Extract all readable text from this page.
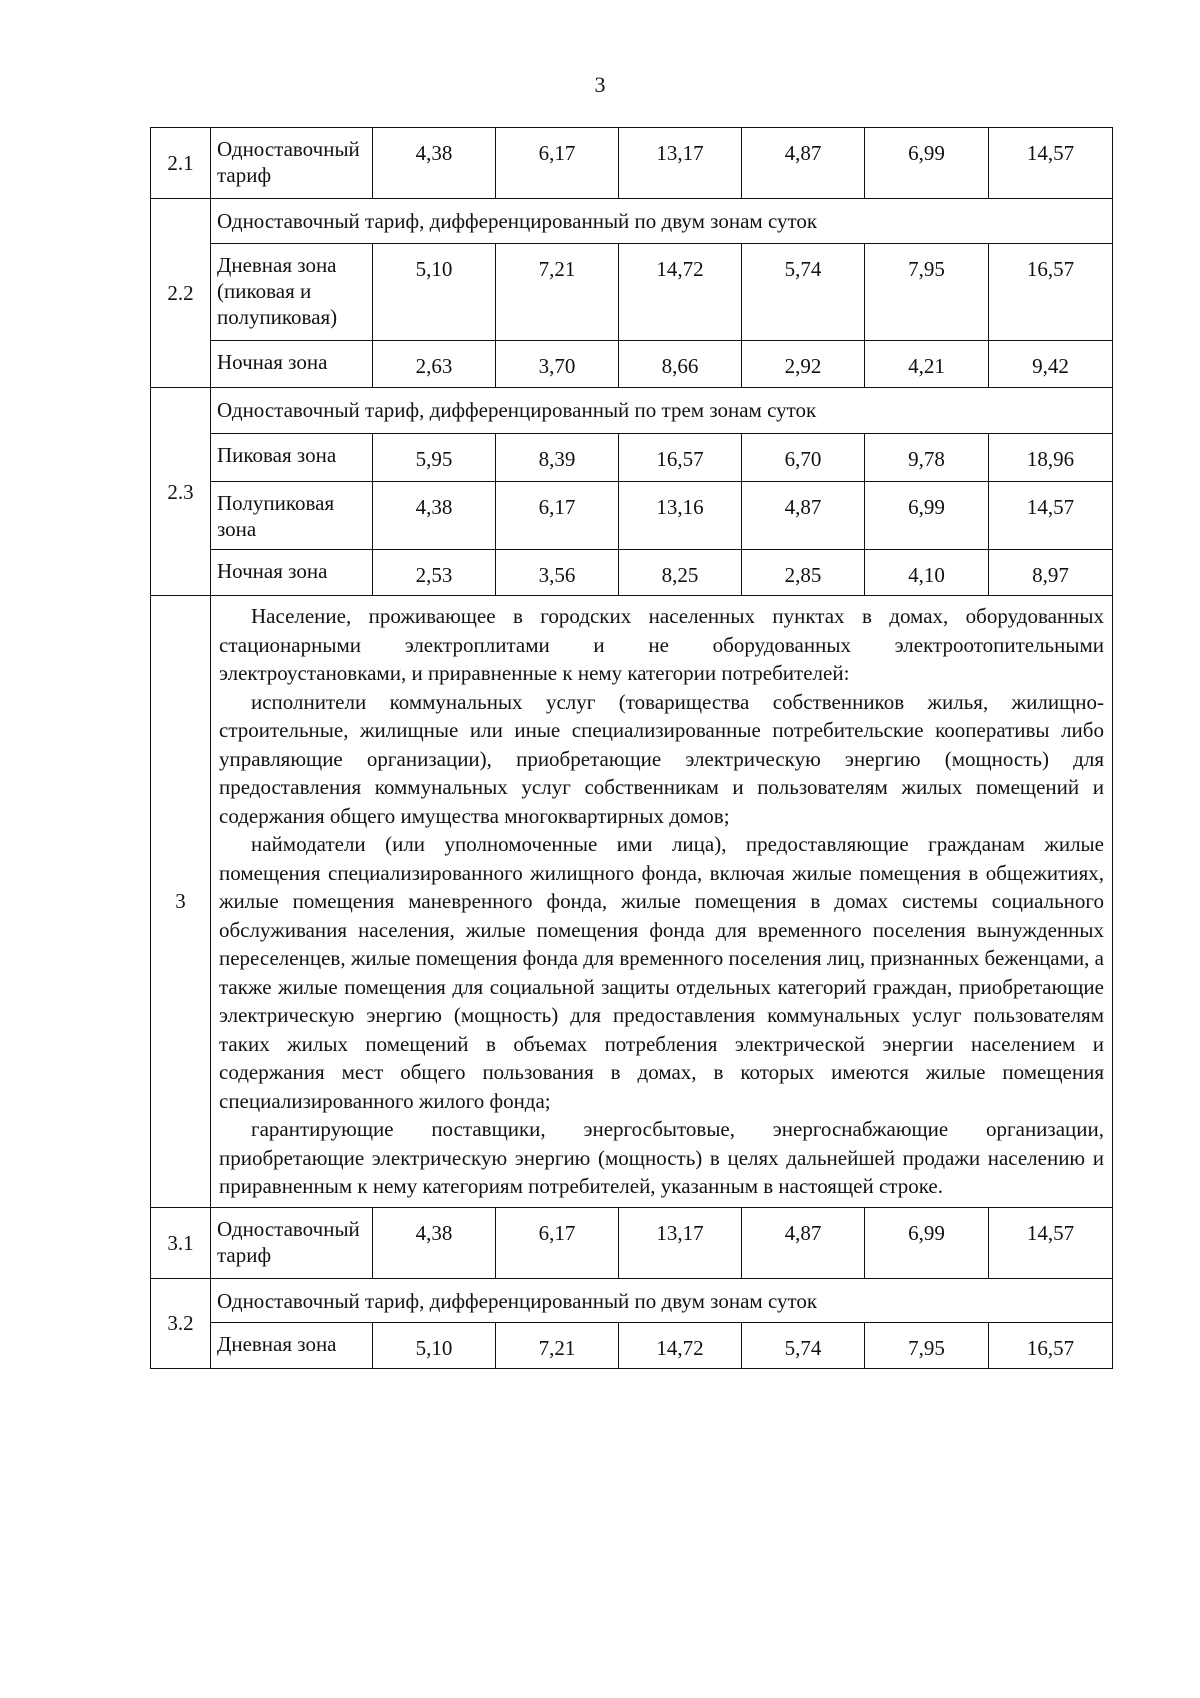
3
2.1	Одноставочный тариф	4,38	6,17	13,17	4,87	6,99	14,57
2.2	Одноставочный тариф, дифференцированный по двум зонам суток						
	Дневная зона (пиковая и полупиковая)	5,10	7,21	14,72	5,74	7,95	16,57
	Ночная зона	2,63	3,70	8,66	2,92	4,21	9,42
2.3	Одноставочный тариф, дифференцированный по трем зонам суток						
	Пиковая зона	5,95	8,39	16,57	6,70	9,78	18,96
	Полупиковая зона	4,38	6,17	13,16	4,87	6,99	14,57
	Ночная зона	2,53	3,56	8,25	2,85	4,10	8,97
3	Население, проживающее в городских населенных пунктах в домах, оборудованных стационарными электроплитами и не оборудованных электроотопительными электроустановками, и приравненные к нему категории потребителей:

исполнители коммунальных услуг (товарищества собственников жилья, жилищно-строительные, жилищные или иные специализированные потребительские кооперативы либо управляющие организации), приобретающие электрическую энергию (мощность) для предоставления коммунальных услуг собственникам и пользователям жилых помещений и содержания общего имущества многоквартирных домов;

наймодатели (или уполномоченные ими лица), предоставляющие гражданам жилые помещения специализированного жилищного фонда, включая жилые помещения в общежитиях, жилые помещения маневренного фонда, жилые помещения в домах системы социального обслуживания населения, жилые помещения фонда для временного поселения вынужденных переселенцев, жилые помещения фонда для временного поселения лиц, признанных беженцами, а также жилые помещения для социальной защиты отдельных категорий граждан, приобретающие электрическую энергию (мощность) для предоставления коммунальных услуг пользователям таких жилых помещений в объемах потребления электрической энергии населением и содержания мест общего пользования в домах, в которых имеются жилые помещения специализированного жилого фонда;

гарантирующие поставщики, энергосбытовые, энергоснабжающие организации, приобретающие электрическую энергию (мощность) в целях дальнейшей продажи населению и приравненным к нему категориям потребителей, указанным в настоящей строке.						

3.1	Одноставочный тариф	4,38	6,17	13,17	4,87	6,99	14,57
3.2	Одноставочный тариф, дифференцированный по двум зонам суток						
	Дневная зона	5,10	7,21	14,72	5,74	7,95	16,57
